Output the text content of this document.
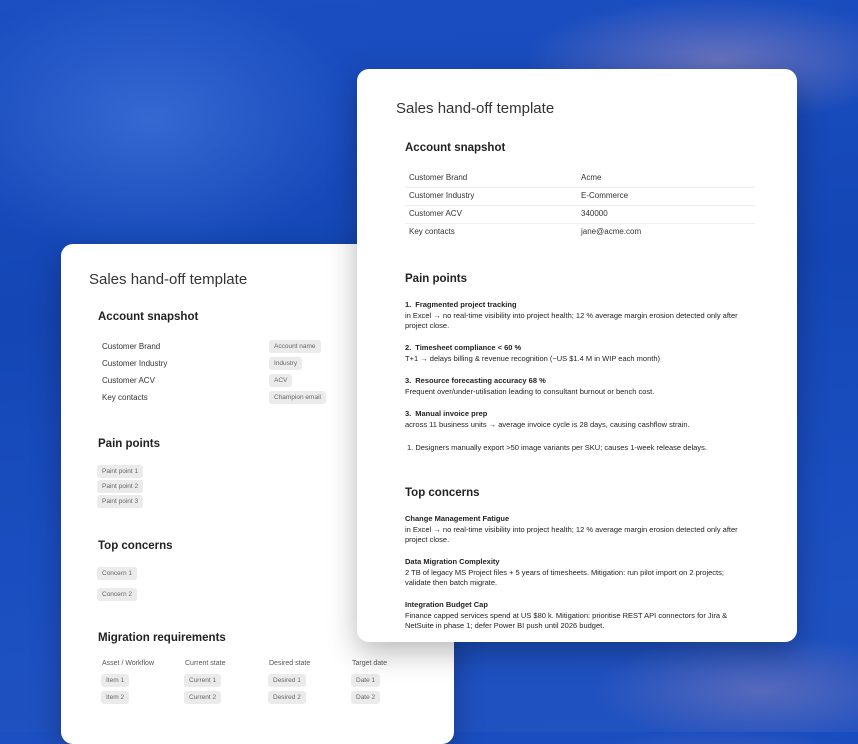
Sales hand-off template
Account snapshot
Customer Brand	Account name
Customer Industry	Industry
Customer ACV	ACV
Key contacts	Champion email
Pain points
Paint point 1
Paint point 2
Paint point 3
Top concerns
Concern 1
Concern 2
Migration requirements
Asset / Workflow	Current state	Desired state	Target date
Item 1	Current 1	Desired 1	Date 1
Item 2	Current 2	Desired 2	Date 2
Sales hand-off template
Account snapshot
Customer Brand	Acme
Customer Industry	E-Commerce
Customer ACV	340000
Key contacts	jane@acme.com
Pain points
1. Fragmented project tracking
in Excel → no real-time visibility into project health; 12 % average margin erosion detected only after project close.
2. Timesheet compliance < 60 %
T+1 → delays billing & revenue recognition (~US $1.4 M in WIP each month)
3. Resource forecasting accuracy 68 %
Frequent over/under-utilisation leading to consultant burnout or bench cost.
3. Manual invoice prep
across 11 business units → average invoice cycle is 28 days, causing cashflow strain.
1. Designers manually export >50 image variants per SKU; causes 1-week release delays.
Top concerns
Change Management Fatigue
in Excel → no real-time visibility into project health; 12 % average margin erosion detected only after project close.
Data Migration Complexity
2 TB of legacy MS Project files + 5 years of timesheets. Mitigation: run pilot import on 2 projects; validate then batch migrate.
Integration Budget Cap
Finance capped services spend at US $80 k. Mitigation: prioritise REST API connectors for Jira & NetSuite in phase 1; defer Power BI push until 2026 budget.
